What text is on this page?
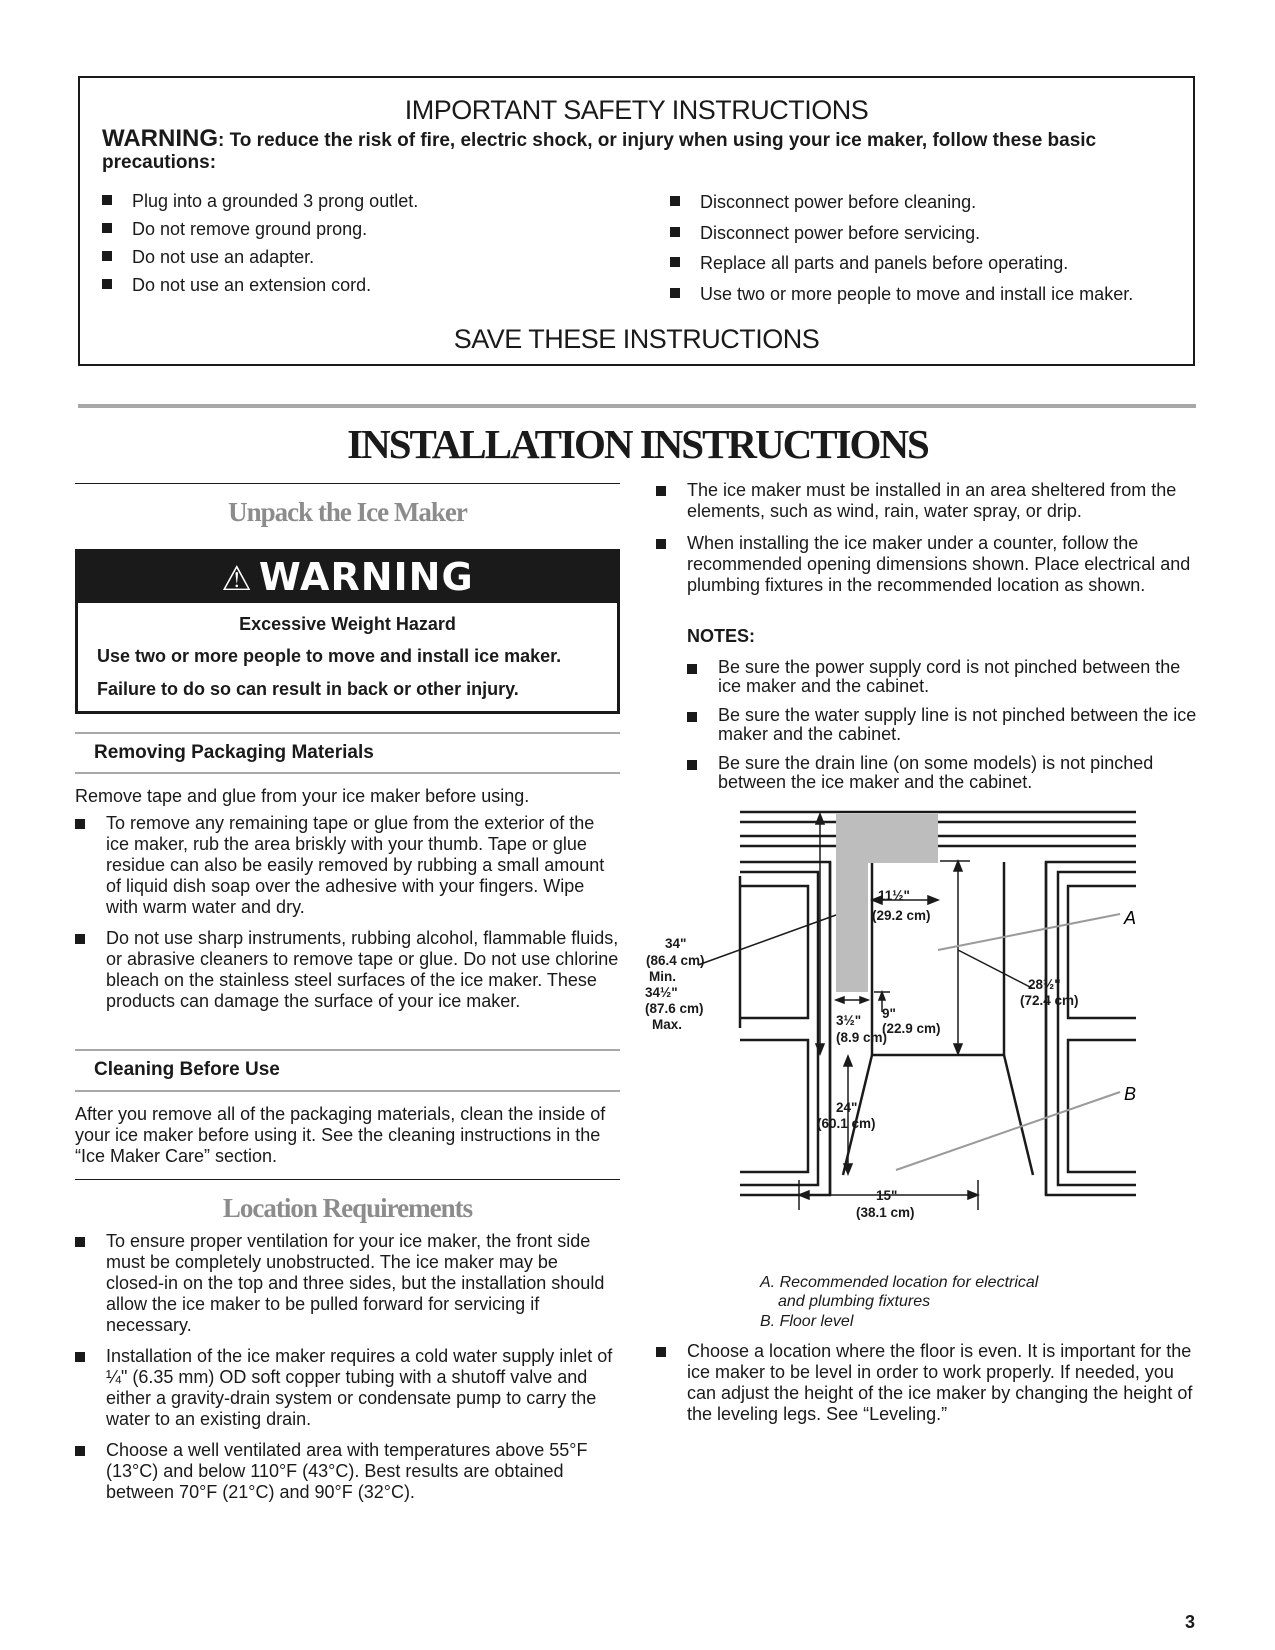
IMPORTANT SAFETY INSTRUCTIONS
WARNING: To reduce the risk of fire, electric shock, or injury when using your ice maker, follow these basic precautions:
Plug into a grounded 3 prong outlet.
Do not remove ground prong.
Do not use an adapter.
Do not use an extension cord.
Disconnect power before cleaning.
Disconnect power before servicing.
Replace all parts and panels before operating.
Use two or more people to move and install ice maker.
SAVE THESE INSTRUCTIONS
INSTALLATION INSTRUCTIONS
Unpack the Ice Maker
⚠ WARNING
Excessive Weight Hazard
Use two or more people to move and install ice maker.
Failure to do so can result in back or other injury.
Removing Packaging Materials
Remove tape and glue from your ice maker before using.
To remove any remaining tape or glue from the exterior of the ice maker, rub the area briskly with your thumb. Tape or glue residue can also be easily removed by rubbing a small amount of liquid dish soap over the adhesive with your fingers. Wipe with warm water and dry.
Do not use sharp instruments, rubbing alcohol, flammable fluids, or abrasive cleaners to remove tape or glue. Do not use chlorine bleach on the stainless steel surfaces of the ice maker. These products can damage the surface of your ice maker.
Cleaning Before Use
After you remove all of the packaging materials, clean the inside of your ice maker before using it. See the cleaning instructions in the “Ice Maker Care” section.
Location Requirements
To ensure proper ventilation for your ice maker, the front side must be completely unobstructed. The ice maker may be closed-in on the top and three sides, but the installation should allow the ice maker to be pulled forward for servicing if necessary.
Installation of the ice maker requires a cold water supply inlet of ¼" (6.35 mm) OD soft copper tubing with a shutoff valve and either a gravity-drain system or condensate pump to carry the water to an existing drain.
Choose a well ventilated area with temperatures above 55°F (13°C) and below 110°F (43°C). Best results are obtained between 70°F (21°C) and 90°F (32°C).
The ice maker must be installed in an area sheltered from the elements, such as wind, rain, water spray, or drip.
When installing the ice maker under a counter, follow the recommended opening dimensions shown. Place electrical and plumbing fixtures in the recommended location as shown.
NOTES:
Be sure the power supply cord is not pinched between the ice maker and the cabinet.
Be sure the water supply line is not pinched between the ice maker and the cabinet.
Be sure the drain line (on some models) is not pinched between the ice maker and the cabinet.
11½"
(29.2 cm)
34"
(86.4 cm)
Min.
34½"
(87.6 cm)
Max.
28½"
(72.4 cm)
3½"
(8.9 cm)
9"
(22.9 cm)
24"
(60.1 cm)
15"
(38.1 cm)
A
B
A. Recommended location for electrical
and plumbing fixtures
B. Floor level
Choose a location where the floor is even. It is important for the ice maker to be level in order to work properly. If needed, you can adjust the height of the ice maker by changing the height of the leveling legs. See “Leveling.”
3
